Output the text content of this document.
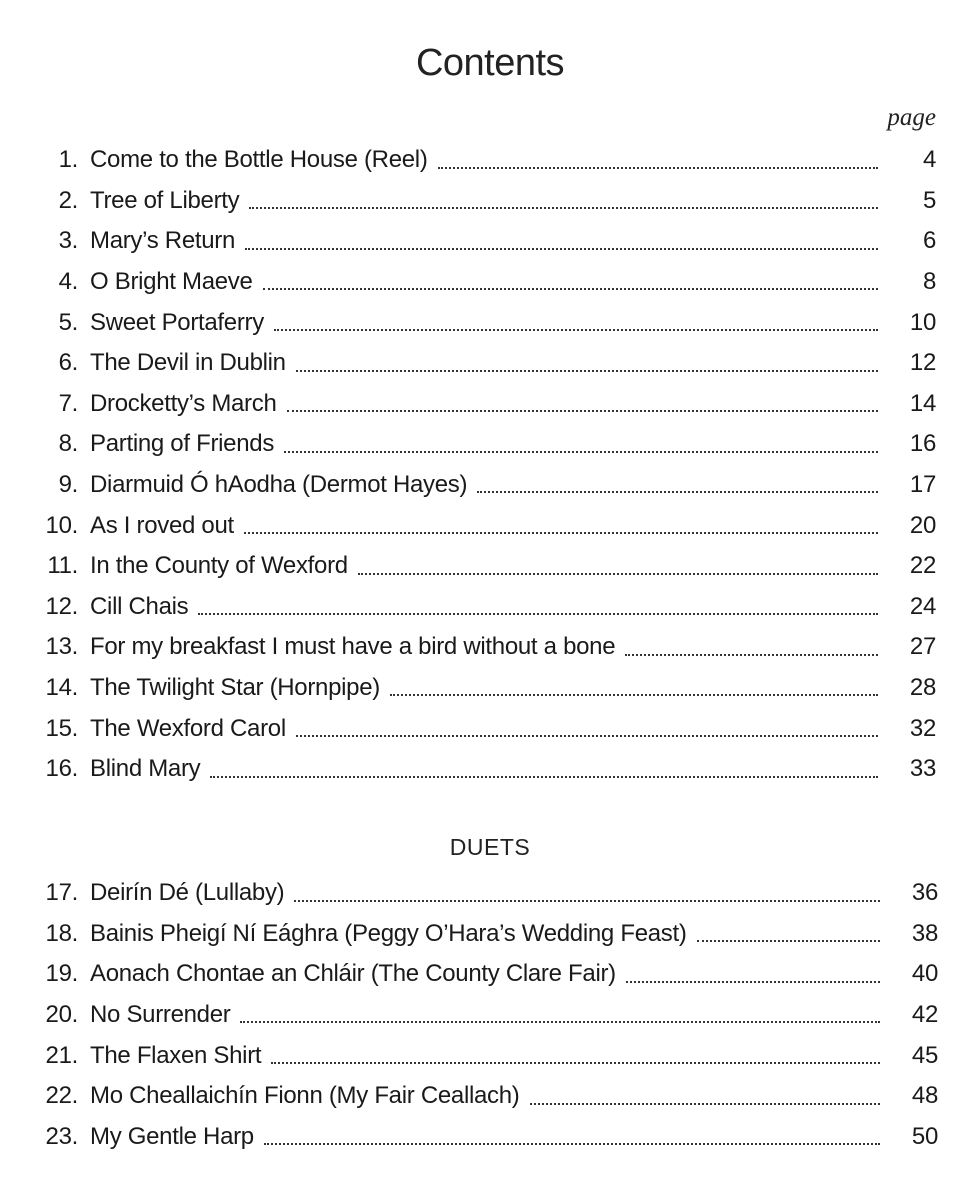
Contents
page
1. Come to the Bottle House (Reel)	4
2. Tree of Liberty	5
3. Mary’s Return	6
4. O Bright Maeve	8
5. Sweet Portaferry	10
6. The Devil in Dublin	12
7. Drocketty’s March	14
8. Parting of Friends	16
9. Diarmuid Ó hAodha (Dermot Hayes)	17
10. As I roved out	20
11. In the County of Wexford	22
12. Cill Chais	24
13. For my breakfast I must have a bird without a bone	27
14. The Twilight Star (Hornpipe)	28
15. The Wexford Carol	32
16. Blind Mary	33
DUETS
17. Deirín Dé (Lullaby)	36
18. Bainis Pheigí Ní Eághra (Peggy O’Hara’s Wedding Feast)	38
19. Aonach Chontae an Chláir (The County Clare Fair)	40
20. No Surrender	42
21. The Flaxen Shirt	45
22. Mo Cheallaichín Fionn (My Fair Ceallach)	48
23. My Gentle Harp	50
